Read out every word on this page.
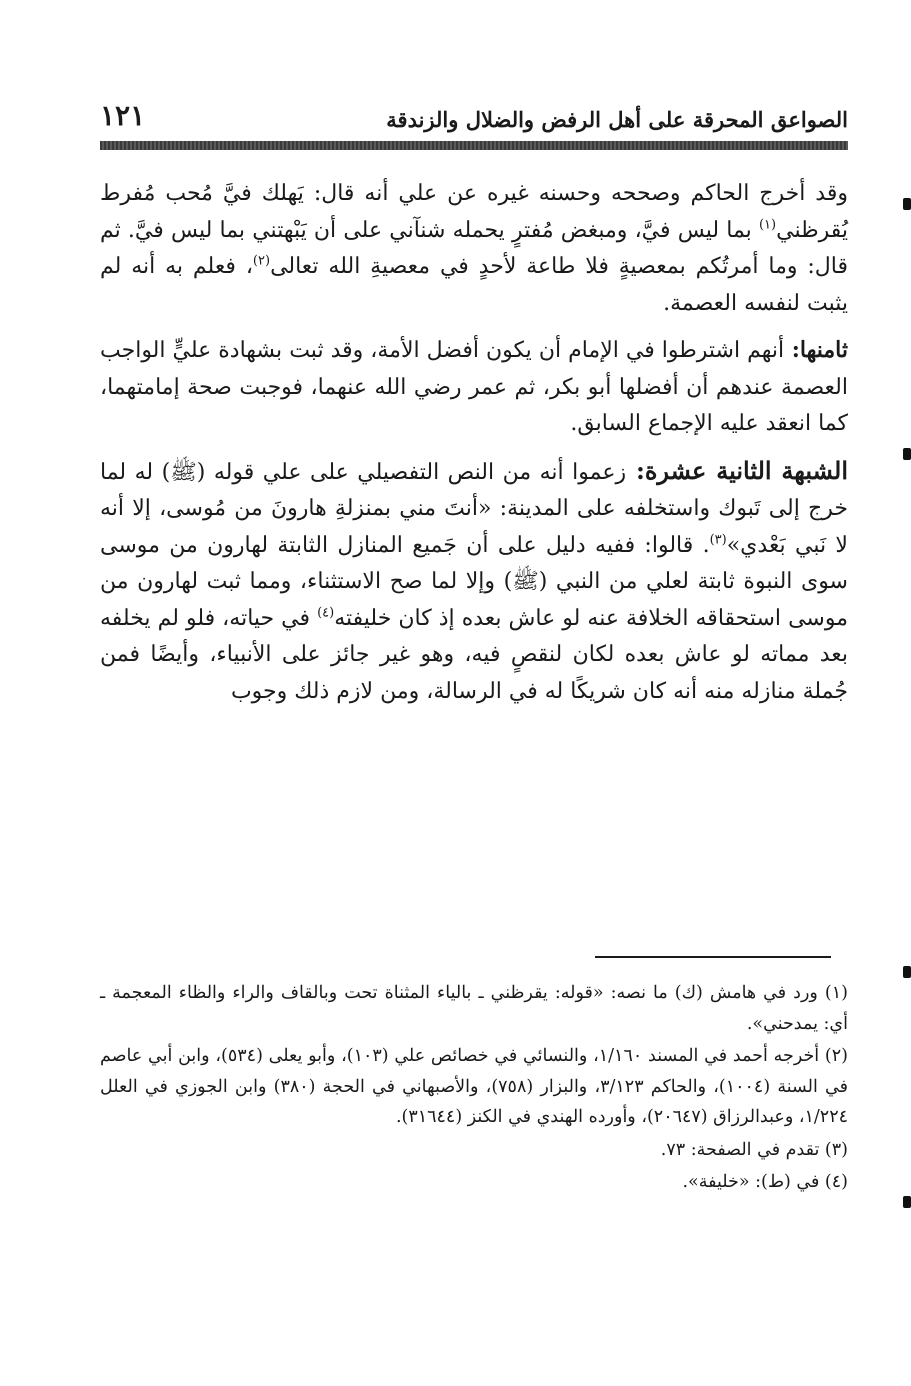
الصواعق المحرقة على أهل الرفض والضلال والزندقة
١٢١

وقد أخرج الحاكم وصححه وحسنه غيره عن علي أنه قال: يَهلك فيَّ مُحب مُفرط يُقرظني$^{(١)}$ بما ليس فيَّ، ومبغض مُفترٍ يحمله شنآني على أن يَبْهتني بما ليس فيَّ. ثم قال: وما أمرتُكم بمعصيةٍ فلا طاعة لأحدٍ في معصيةِ الله تعالى$^{(٢)}$، فعلم به أنه لم يثبت لنفسه العصمة.

ثامنها: أنهم اشترطوا في الإمام أن يكون أفضل الأمة، وقد ثبت بشهادة عليٍّ الواجب العصمة عندهم أن أفضلها أبو بكر، ثم عمر رضي الله عنهما، فوجبت صحة إمامتهما، كما انعقد عليه الإجماع السابق.

الشبهة الثانية عشرة: زعموا أنه من النص التفصيلي على علي قوله (ﷺ) له لما خرج إلى تَبوك واستخلفه على المدينة: «أنتَ مني بمنزلةِ هارونَ من مُوسى، إلا أنه لا نَبي بَعْدي»$^{(٣)}$. قالوا: ففيه دليل على أن جَميع المنازل الثابتة لهارون من موسى سوى النبوة ثابتة لعلي من النبي (ﷺ) وإلا لما صح الاستثناء، ومما ثبت لهارون من موسى استحقاقه الخلافة عنه لو عاش بعده إذ كان خليفته$^{(٤)}$ في حياته، فلو لم يخلفه بعد مماته لو عاش بعده لكان لنقصٍ فيه، وهو غير جائز على الأنبياء، وأيضًا فمن جُملة منازله منه أنه كان شريكًا له في الرسالة، ومن لازم ذلك وجوب

(١) ورد في هامش (ك) ما نصه: «قوله: يقرظني ـ بالياء المثناة تحت وبالقاف والراء والظاء المعجمة ـ أي: يمدحني».

(٢) أخرجه أحمد في المسند ١/١٦٠، والنسائي في خصائص علي (١٠٣)، وأبو يعلى (٥٣٤)، وابن أبي عاصم في السنة (١٠٠٤)، والحاكم ٣/١٢٣، والبزار (٧٥٨)، والأصبهاني في الحجة (٣٨٠) وابن الجوزي في العلل ١/٢٢٤، وعبدالرزاق (٢٠٦٤٧)، وأورده الهندي في الكنز (٣١٦٤٤).

(٣) تقدم في الصفحة: ٧٣.

(٤) في (ط): «خليفة».
